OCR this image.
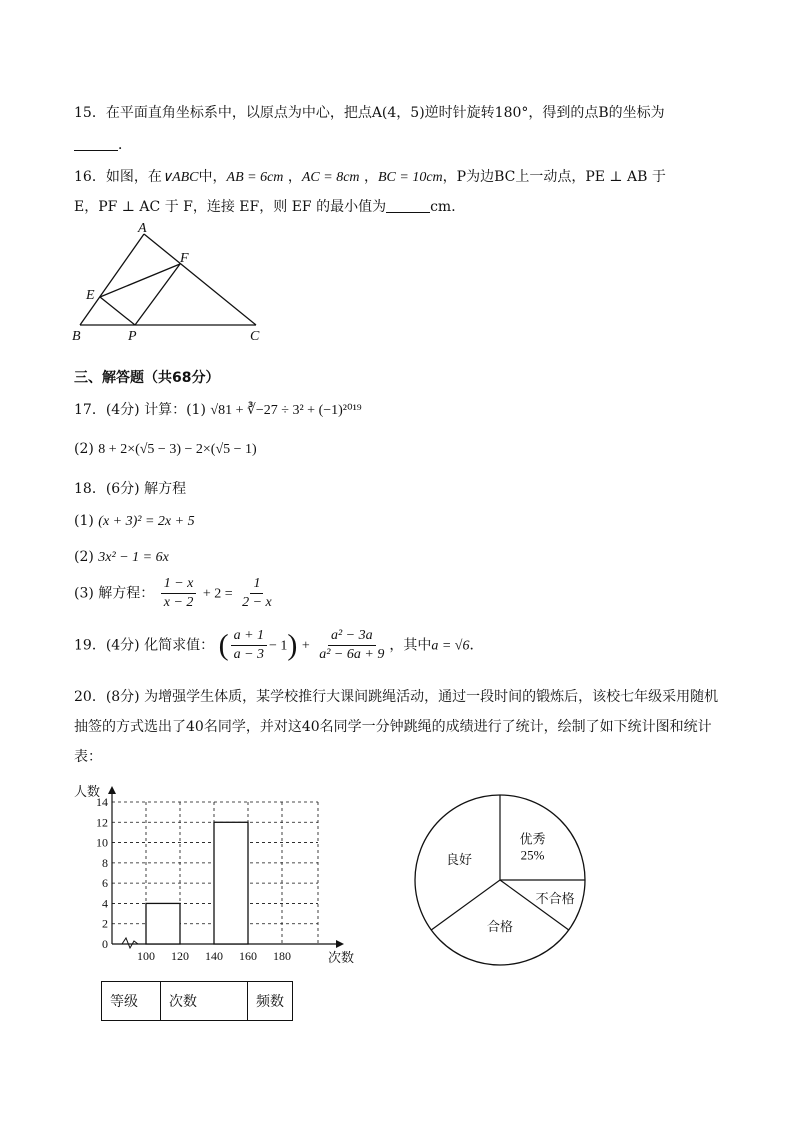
15．在平面直角坐标系中，以原点为中心，把点A(4，5)逆时针旋转180°，得到的点B的坐标为
．
16．如图，在∨ABC中，AB = 6cm ，AC = 8cm ，BC = 10cm，P为边BC上一动点，PE ⊥ AB 于
E，PF ⊥ AC 于 F，连接 EF，则 EF 的最小值为	cm．
A
B	C
E
F
P
三、解答题（共68分）
17．(4分) 计算：(1) √81 + ∛−27 ÷ 3² + (−1)²⁰¹⁹
(2) 8 + 2×(√5 − 3) − 2×(√5 − 1)
18．(6分) 解方程
(1) (x + 3)² = 2x + 5
(2) 3x² − 1 = 6x
(3) 解方程： $\frac{1 - x}{x - 2} + 2 = \frac{1}{2 - x}$
19．(4分) 化简求值： ( $\frac{a + 1}{a - 3} - 1) + \frac{\text{a² − 3a}}{\text{a² − 6a + 9}}$ ，其中a = √6．
20．(8分) 为增强学生体质，某学校推行大课间跳绳活动，通过一段时间的锻炼后，该校七年级采用随机
抽签的方式选出了40名同学，并对这40名同学一分钟跳绳的成绩进行了统计，绘制了如下统计图和统计
表：
0
2
4
6
8
10
12
14
100 120 140 160 180
人数
次数
优秀
25%
不合格
合格
良好
等级	次数	频数
